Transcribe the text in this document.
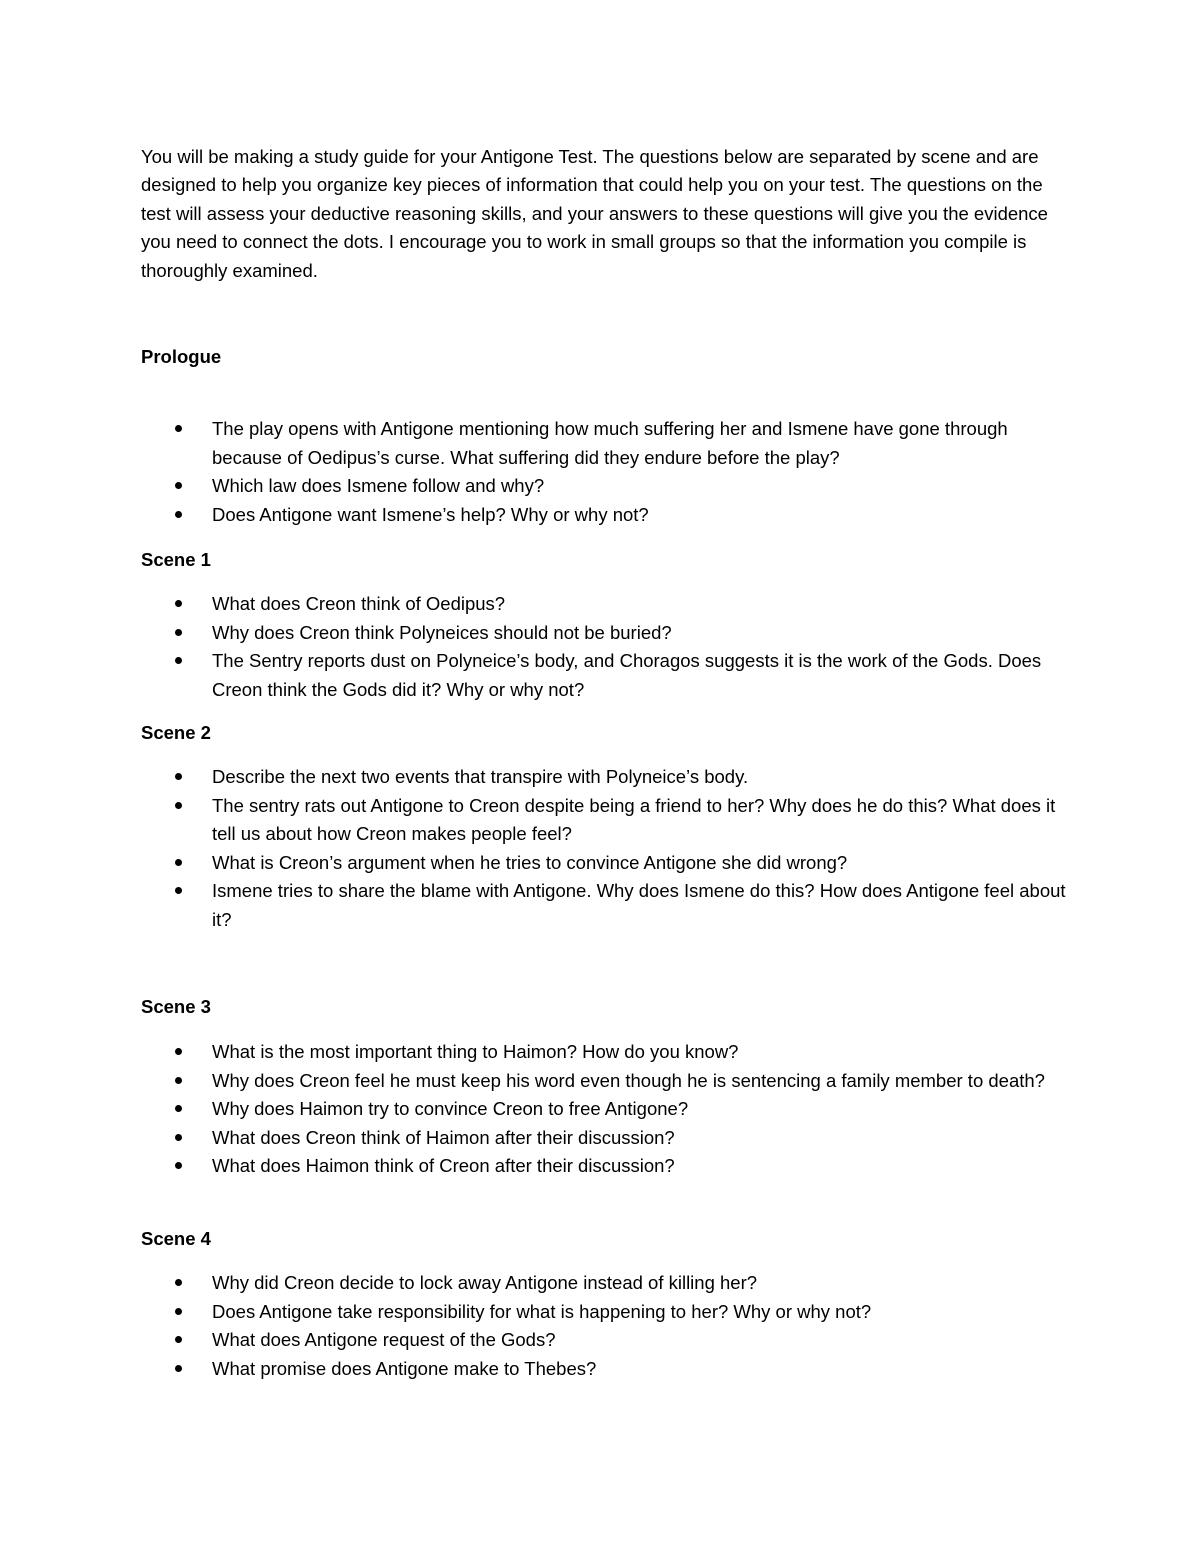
You will be making a study guide for your Antigone Test. The questions below are separated by scene and are designed to help you organize key pieces of information that could help you on your test. The questions on the test will assess your deductive reasoning skills, and your answers to these questions will give you the evidence you need to connect the dots. I encourage you to work in small groups so that the information you compile is thoroughly examined.

Prologue
The play opens with Antigone mentioning how much suffering her and Ismene have gone through because of Oedipus’s curse. What suffering did they endure before the play?
Which law does Ismene follow and why?
Does Antigone want Ismene’s help? Why or why not?
Scene 1
What does Creon think of Oedipus?
Why does Creon think Polyneices should not be buried?
The Sentry reports dust on Polyneice’s body, and Choragos suggests it is the work of the Gods. Does Creon think the Gods did it? Why or why not?
Scene 2
Describe the next two events that transpire with Polyneice’s body.
The sentry rats out Antigone to Creon despite being a friend to her? Why does he do this? What does it tell us about how Creon makes people feel?
What is Creon’s argument when he tries to convince Antigone she did wrong?
Ismene tries to share the blame with Antigone. Why does Ismene do this? How does Antigone feel about it?
Scene 3
What is the most important thing to Haimon? How do you know?
Why does Creon feel he must keep his word even though he is sentencing a family member to death?
Why does Haimon try to convince Creon to free Antigone?
What does Creon think of Haimon after their discussion?
What does Haimon think of Creon after their discussion?
Scene 4
Why did Creon decide to lock away Antigone instead of killing her?
Does Antigone take responsibility for what is happening to her? Why or why not?
What does Antigone request of the Gods?
What promise does Antigone make to Thebes?
